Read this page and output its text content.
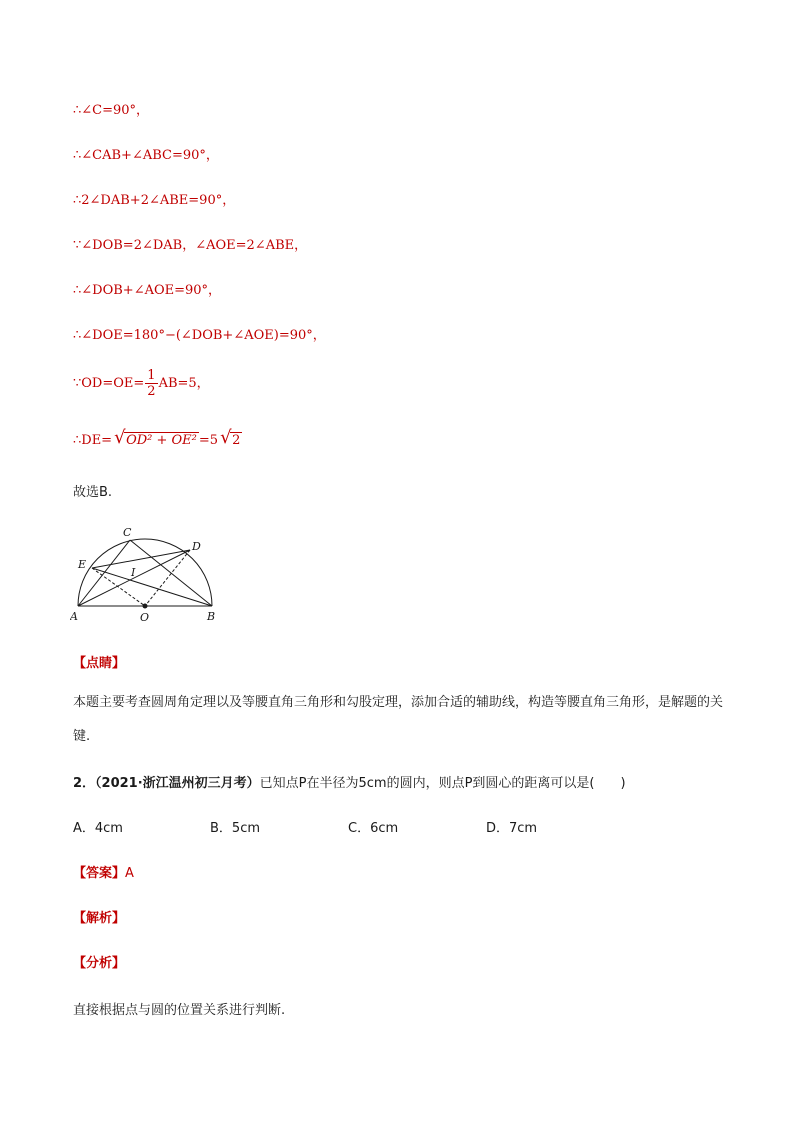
∴∠C=90°，
∴∠CAB+∠ABC=90°，
∴2∠DAB+2∠ABE=90°，
∵∠DOB=2∠DAB，∠AOE=2∠ABE，
∴∠DOB+∠AOE=90°，
∴∠DOE=180°−(∠DOB+∠AOE)=90°，
∵OD=OE= $\frac{1}{2} AB=5$，
∴DE= √ OD² + OE² =5 √ 2
故选B.
A	B
C
D
E
I
O
【点睛】
本题主要考查圆周角定理以及等腰直角三角形和勾股定理，添加合适的辅助线，构造等腰直角三角形，是解题的关键.
2．（2021·浙江温州初三月考）已知点P在半径为5cm的圆内，则点P到圆心的距离可以是(　　)
A．4cm	B．5cm	C．6cm	D．7cm
【答案】A
【解析】
【分析】
直接根据点与圆的位置关系进行判断.
